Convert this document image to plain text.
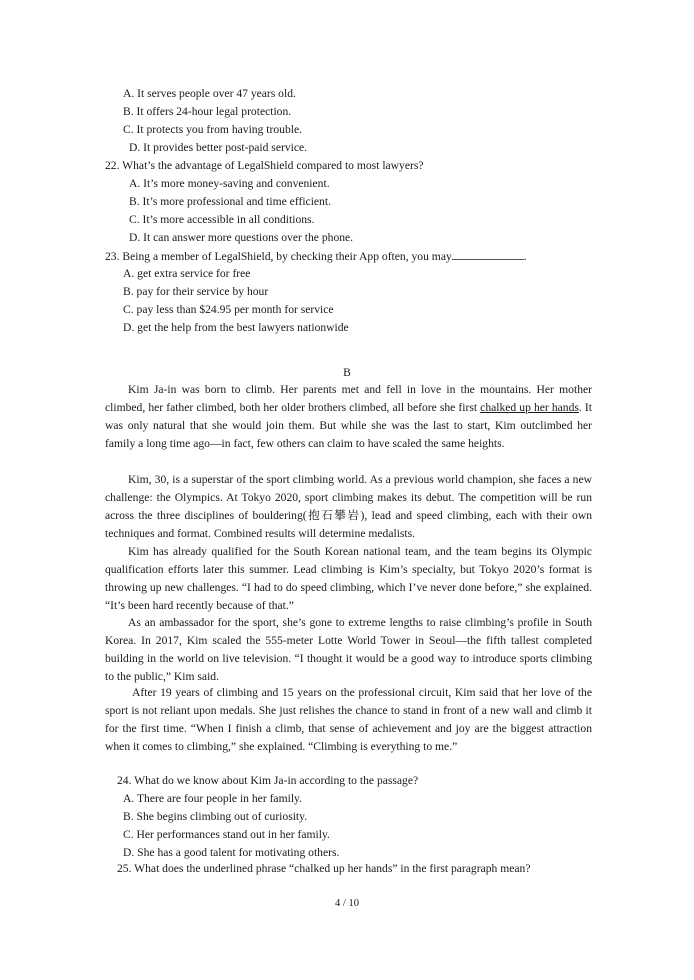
A. It serves people over 47 years old.
B. It offers 24-hour legal protection.
C. It protects you from having trouble.
D. It provides better post-paid service.
22. What’s the advantage of LegalShield compared to most lawyers?
A. It’s more money-saving and convenient.
B. It’s more professional and time efficient.
C. It’s more accessible in all conditions.
D. It can answer more questions over the phone.
23. Being a member of LegalShield, by checking their App often, you may	.
A. get extra service for free
B. pay for their service by hour
C. pay less than $24.95 per month for service
D. get the help from the best lawyers nationwide
B
Kim Ja-in was born to climb. Her parents met and fell in love in the mountains. Her mother climbed, her father climbed, both her older brothers climbed, all before she first chalked up her hands. It was only natural that she would join them. But while she was the last to start, Kim outclimbed her family a long time ago—in fact, few others can claim to have scaled the same heights.
Kim, 30, is a superstar of the sport climbing world. As a previous world champion, she faces a new challenge: the Olympics. At Tokyo 2020, sport climbing makes its debut. The competition will be run across the three disciplines of bouldering(抱石攀岩), lead and speed climbing, each with their own techniques and format. Combined results will determine medalists.
Kim has already qualified for the South Korean national team, and the team begins its Olympic qualification efforts later this summer. Lead climbing is Kim’s specialty, but Tokyo 2020’s format is throwing up new challenges. “I had to do speed climbing, which I’ve never done before,” she explained. “It’s been hard recently because of that.”
As an ambassador for the sport, she’s gone to extreme lengths to raise climbing’s profile in South Korea. In 2017, Kim scaled the 555-meter Lotte World Tower in Seoul—the fifth tallest completed building in the world on live television. “I thought it would be a good way to introduce sports climbing to the public,” Kim said.
After 19 years of climbing and 15 years on the professional circuit, Kim said that her love of the sport is not reliant upon medals. She just relishes the chance to stand in front of a new wall and climb it for the first time. “When I finish a climb, that sense of achievement and joy are the biggest attraction when it comes to climbing,” she explained. “Climbing is everything to me.”
24. What do we know about Kim Ja-in according to the passage?
A. There are four people in her family.
B. She begins climbing out of curiosity.
C. Her performances stand out in her family.
D. She has a good talent for motivating others.
25. What does the underlined phrase “chalked up her hands” in the first paragraph mean?
4 / 10
